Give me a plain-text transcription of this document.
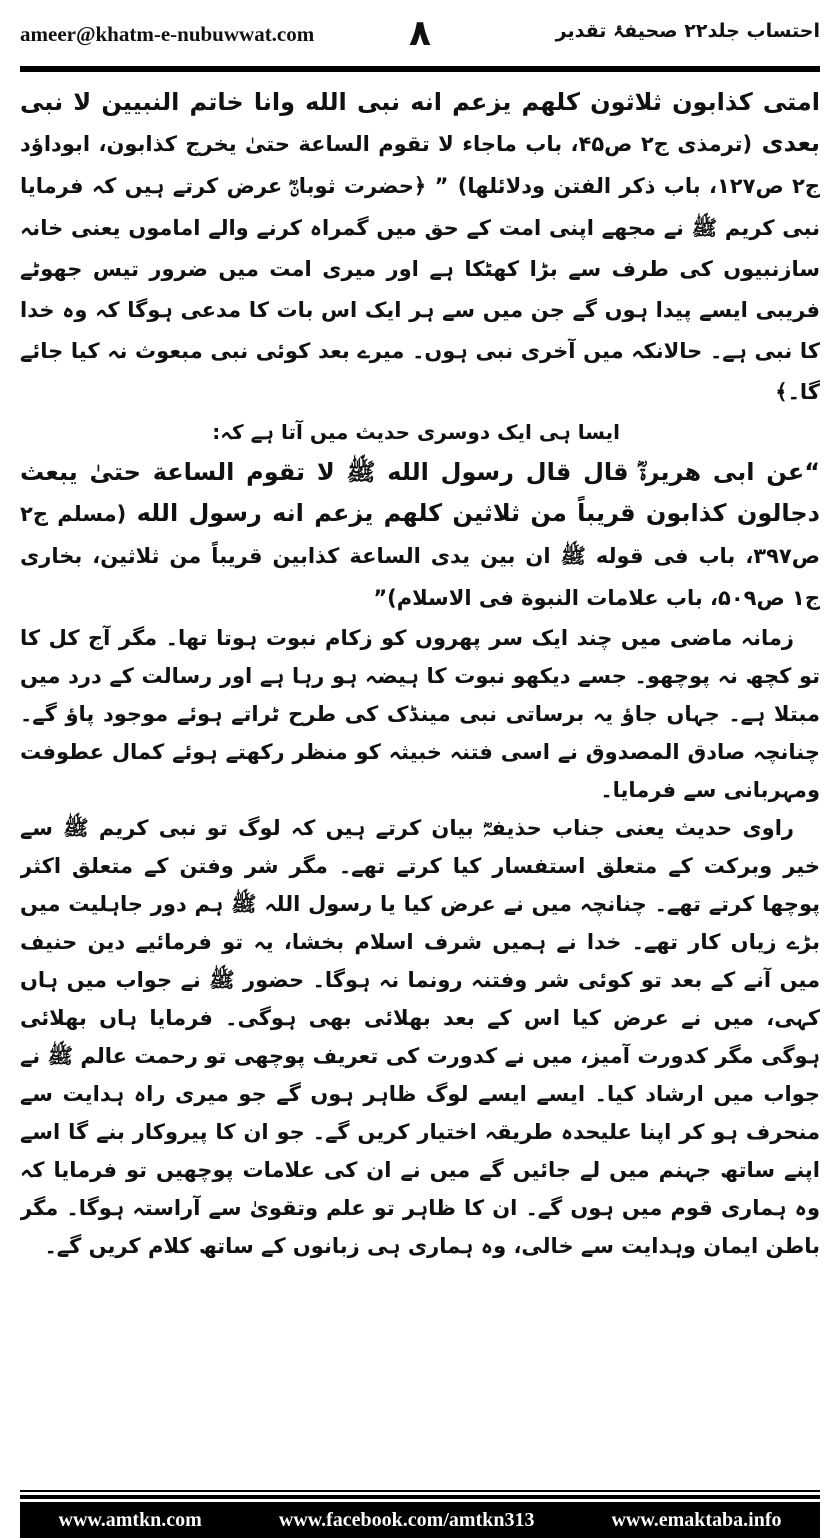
ameer@khatm-e-nubuwwat.com	٨	احتساب جلد۲۲ صحیفۂ تقدیر

امتی کذابون ثلاثون کلھم یزعم انه نبی الله وانا خاتم النبیین لا نبی بعدی (ترمذی ج۲ ص۴۵، باب ماجاء لا تقوم الساعة حتیٰ یخرج کذابون، ابوداؤد ج۲ ص۱۲۷، باب ذکر الفتن ودلائلھا) ” ﴿حضرت ثوبانؓ عرض کرتے ہیں کہ فرمایا نبی کریم ﷺ نے مجھے اپنی امت کے حق میں گمراہ کرنے والے اماموں یعنی خانہ سازنبیوں کی طرف سے بڑا کھٹکا ہے اور میری امت میں ضرور تیس جھوٹے فریبی ایسے پیدا ہوں گے جن میں سے ہر ایک اس بات کا مدعی ہوگا کہ وہ خدا کا نبی ہے۔ حالانکہ میں آخری نبی ہوں۔ میرے بعد کوئی نبی مبعوث نہ کیا جائے گا۔﴾

ایسا ہی ایک دوسری حدیث میں آتا ہے کہ:

“عن ابی ھریرۃؓ قال قال رسول الله ﷺ لا تقوم الساعة حتیٰ یبعث دجالون کذابون قریباً من ثلاثین کلھم یزعم انه رسول الله (مسلم ج۲ ص۳۹۷، باب فی قوله ﷺ ان بین یدی الساعة کذابین قریباً من ثلاثین، بخاری ج۱ ص۵۰۹، باب علامات النبوة فی الاسلام)”

زمانہ ماضی میں چند ایک سر پھروں کو زکام نبوت ہوتا تھا۔ مگر آج کل کا تو کچھ نہ پوچھو۔ جسے دیکھو نبوت کا ہیضہ ہو رہا ہے اور رسالت کے درد میں مبتلا ہے۔ جہاں جاؤ یہ برساتی نبی مینڈک کی طرح ٹراتے ہوئے موجود پاؤ گے۔ چنانچہ صادق المصدوق نے اسی فتنہ خبیثہ کو منظر رکھتے ہوئے کمال عطوفت ومہربانی سے فرمایا۔

راوی حدیث یعنی جناب حذیفہؓ بیان کرتے ہیں کہ لوگ تو نبی کریم ﷺ سے خیر وبرکت کے متعلق استفسار کیا کرتے تھے۔ مگر شر وفتن کے متعلق اکثر پوچھا کرتے تھے۔ چنانچہ میں نے عرض کیا یا رسول اللہ ﷺ ہم دور جاہلیت میں بڑے زیاں کار تھے۔ خدا نے ہمیں شرف اسلام بخشا، یہ تو فرمائیے دین حنیف میں آنے کے بعد تو کوئی شر وفتنہ رونما نہ ہوگا۔ حضور ﷺ نے جواب میں ہاں کہی، میں نے عرض کیا اس کے بعد بھلائی بھی ہوگی۔ فرمایا ہاں بھلائی ہوگی مگر کدورت آمیز، میں نے کدورت کی تعریف پوچھی تو رحمت عالم ﷺ نے جواب میں ارشاد کیا۔ ایسے ایسے لوگ ظاہر ہوں گے جو میری راہ ہدایت سے منحرف ہو کر اپنا علیحدہ طریقہ اختیار کریں گے۔ جو ان کا پیروکار بنے گا اسے اپنے ساتھ جہنم میں لے جائیں گے میں نے ان کی علامات پوچھیں تو فرمایا کہ وہ ہماری قوم میں ہوں گے۔ ان کا ظاہر تو علم وتقویٰ سے آراستہ ہوگا۔ مگر باطن ایمان وہدایت سے خالی، وہ ہماری ہی زبانوں کے ساتھ کلام کریں گے۔

www.amtkn.com	www.facebook.com/amtkn313	www.emaktaba.info
